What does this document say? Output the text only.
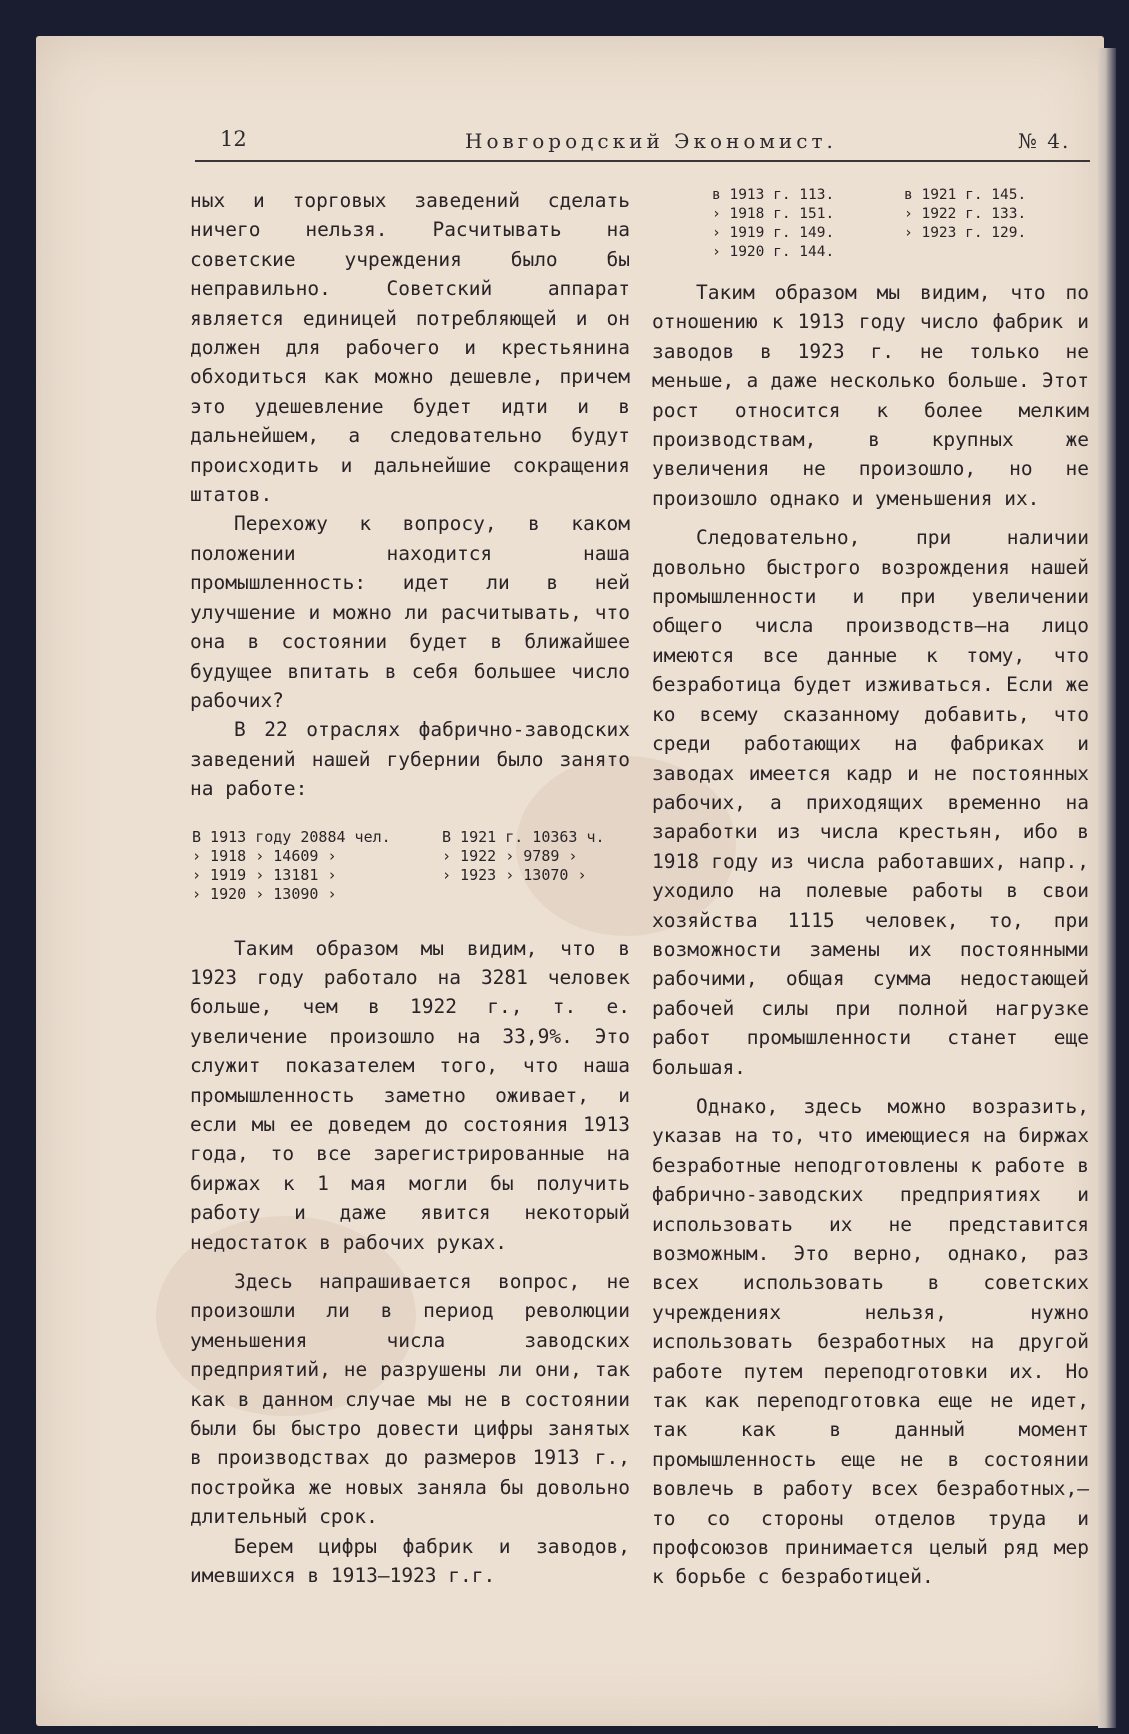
12	Новгородский Экономист.	№ 4.

ных и торговых заведений сделать ничего нельзя. Расчитывать на советские учреждения было бы неправильно. Советский аппарат является единицей потребляющей и он должен для рабочего и крестьянина обходиться как можно дешевле, причем это удешевление будет идти и в дальнейшем, а следовательно будут происходить и дальнейшие сокращения штатов.

Перехожу к вопросу, в каком положении находится наша промышленность: идет ли в ней улучшение и можно ли расчитывать, что она в состоянии будет в ближайшее будущее впитать в себя большее число рабочих?

В 22 отраслях фабрично-заводских заведений нашей губернии было занято на работе:

В 1913 году 20884 чел.
› 1918 › 14609 ›
› 1919 › 13181 ›
› 1920 › 13090 ›
В 1921 г. 10363 ч.
› 1922 › 9789 ›
› 1923 › 13070 ›

Таким образом мы видим, что в 1923 году работало на 3281 человек больше, чем в 1922 г., т. е. увеличение произошло на 33,9%. Это служит показателем того, что наша промышленность заметно оживает, и если мы ее доведем до состояния 1913 года, то все зарегистрированные на биржах к 1 мая могли бы получить работу и даже явится некоторый недостаток в рабочих руках.

Здесь напрашивается вопрос, не произошли ли в период революции уменьшения числа заводских предприятий, не разрушены ли они, так как в данном случае мы не в состоянии были бы быстро довести цифры занятых в производствах до размеров 1913 г., постройка же новых заняла бы довольно длительный срок.

Берем цифры фабрик и заводов, имевшихся в 1913—1923 г.г.

в 1913 г. 113.
› 1918 г. 151.
› 1919 г. 149.
› 1920 г. 144.
в 1921 г. 145.
› 1922 г. 133.
› 1923 г. 129.

Таким образом мы видим, что по отношению к 1913 году число фабрик и заводов в 1923 г. не только не меньше, а даже несколько больше. Этот рост относится к более мелким производствам, в крупных же увеличения не произошло, но не произошло однако и уменьшения их.

Следовательно, при наличии довольно быстрого возрождения нашей промышленности и при увеличении общего числа производств—на лицо имеются все данные к тому, что безработица будет изживаться. Если же ко всему сказанному добавить, что среди работающих на фабриках и заводах имеется кадр и не постоянных рабочих, а приходящих временно на заработки из числа крестьян, ибо в 1918 году из числа работавших, напр., уходило на полевые работы в свои хозяйства 1115 человек, то, при возможности замены их постоянными рабочими, общая сумма недостающей рабочей силы при полной нагрузке работ промышленности станет еще большая.

Однако, здесь можно возразить, указав на то, что имеющиеся на биржах безработные неподготовлены к работе в фабрично-заводских предприятиях и использовать их не представится возможным. Это верно, однако, раз всех использовать в советских учреждениях нельзя, нужно использовать безработных на другой работе путем переподготовки их. Но так как переподготовка еще не идет, так как в данный момент промышленность еще не в состоянии вовлечь в работу всех безработных,— то со стороны отделов труда и профсоюзов принимается целый ряд мер к борьбе с безработицей.
